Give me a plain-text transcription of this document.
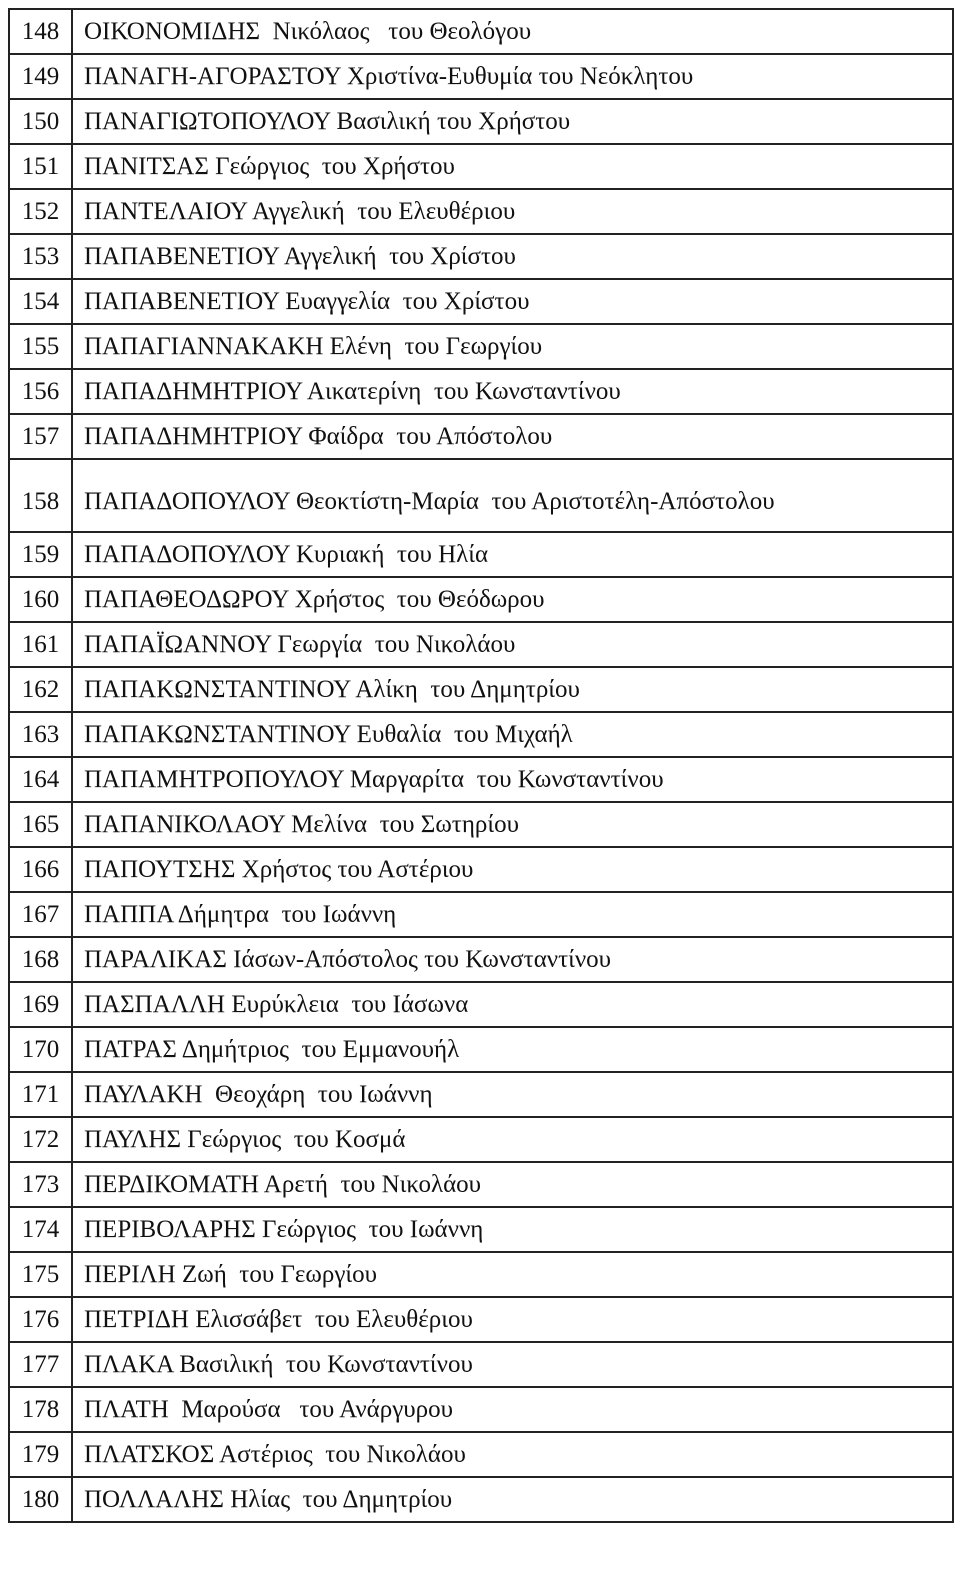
148	ΟΙΚΟΝΟΜΙΔΗΣ  Νικόλαος   του Θεολόγου
149	ΠΑΝΑΓΗ-ΑΓΟΡΑΣΤΟΥ Χριστίνα-Ευθυμία του Νεόκλητου
150	ΠΑΝΑΓΙΩΤΟΠΟΥΛΟΥ Βασιλική του Χρήστου
151	ΠΑΝΙΤΣΑΣ Γεώργιος  του Χρήστου
152	ΠΑΝΤΕΛΑΙΟΥ Αγγελική  του Ελευθέριου
153	ΠΑΠΑΒΕΝΕΤΙΟΥ Αγγελική  του Χρίστου
154	ΠΑΠΑΒΕΝΕΤΙΟΥ Ευαγγελία  του Χρίστου
155	ΠΑΠΑΓΙΑΝΝΑΚΑΚΗ Ελένη  του Γεωργίου
156	ΠΑΠΑΔΗΜΗΤΡΙΟΥ Αικατερίνη  του Κωνσταντίνου
157	ΠΑΠΑΔΗΜΗΤΡΙΟΥ Φαίδρα  του Απόστολου
158	ΠΑΠΑΔΟΠΟΥΛΟΥ Θεοκτίστη-Μαρία  του Αριστοτέλη-Απόστολου
159	ΠΑΠΑΔΟΠΟΥΛΟΥ Κυριακή  του Ηλία
160	ΠΑΠΑΘΕΟΔΩΡΟΥ Χρήστος  του Θεόδωρου
161	ΠΑΠΑΪΩΑΝΝΟΥ Γεωργία  του Νικολάου
162	ΠΑΠΑΚΩΝΣΤΑΝΤΙΝΟΥ Αλίκη  του Δημητρίου
163	ΠΑΠΑΚΩΝΣΤΑΝΤΙΝΟΥ Ευθαλία  του Μιχαήλ
164	ΠΑΠΑΜΗΤΡΟΠΟΥΛΟΥ Μαργαρίτα  του Κωνσταντίνου
165	ΠΑΠΑΝΙΚΟΛΑΟΥ Μελίνα  του Σωτηρίου
166	ΠΑΠΟΥΤΣΗΣ Χρήστος του Αστέριου
167	ΠΑΠΠΑ Δήμητρα  του Ιωάννη
168	ΠΑΡΑΛΙΚΑΣ Ιάσων-Απόστολος του Κωνσταντίνου
169	ΠΑΣΠΑΛΛΗ Ευρύκλεια  του Ιάσωνα
170	ΠΑΤΡΑΣ Δημήτριος  του Εμμανουήλ
171	ΠΑΥΛΑΚΗ  Θεοχάρη  του Ιωάννη
172	ΠΑΥΛΗΣ Γεώργιος  του Κοσμά
173	ΠΕΡΔΙΚΟΜΑΤΗ Αρετή  του Νικολάου
174	ΠΕΡΙΒΟΛΑΡΗΣ Γεώργιος  του Ιωάννη
175	ΠΕΡΙΛΗ Ζωή  του Γεωργίου
176	ΠΕΤΡΙΔΗ Ελισσάβετ  του Ελευθέριου
177	ΠΛΑΚΑ Βασιλική  του Κωνσταντίνου
178	ΠΛΑΤΗ  Μαρούσα   του Ανάργυρου
179	ΠΛΑΤΣΚΟΣ Αστέριος  του Νικολάου
180	ΠΟΛΛΑΛΗΣ Ηλίας  του Δημητρίου
